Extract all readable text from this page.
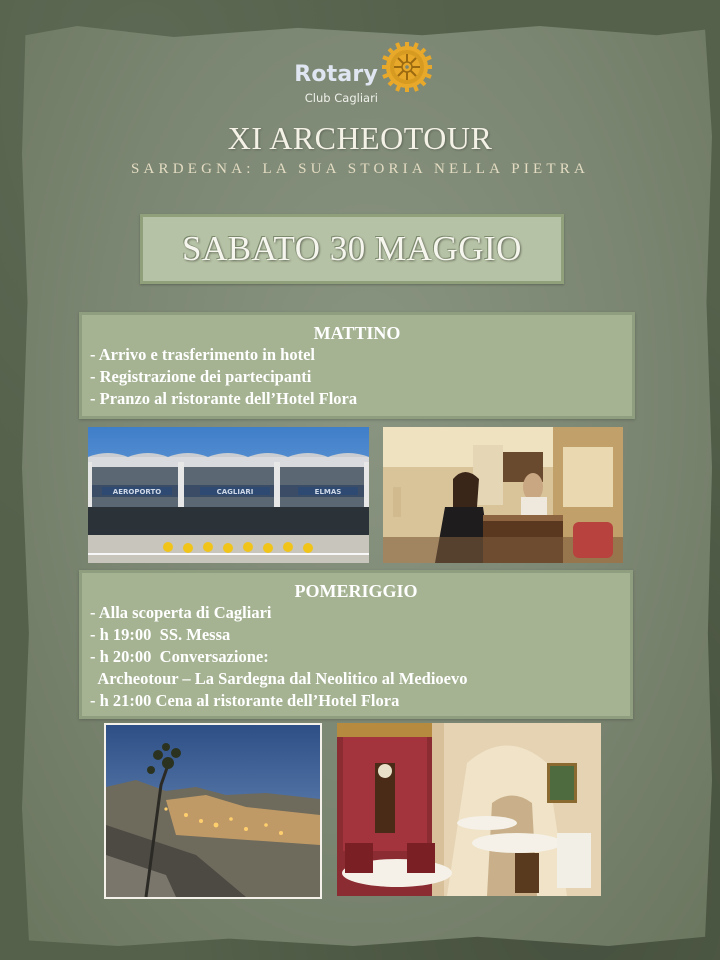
Rotary
Club Cagliari
XI ARCHEOTOUR
SARDEGNA: LA SUA STORIA NELLA PIETRA
SABATO 30 MAGGIO
MATTINO
- Arrivo e trasferimento in hotel
- Registrazione dei partecipanti
- Pranzo al ristorante dell’Hotel Flora
AEROPORTO	CAGLIARI	ELMAS
POMERIGGIO
- Alla scoperta di Cagliari
- h 19:00  SS. Messa
- h 20:00  Conversazione:
Archeotour – La Sardegna dal Neolitico al Medioevo
- h 21:00 Cena al ristorante dell’Hotel Flora
